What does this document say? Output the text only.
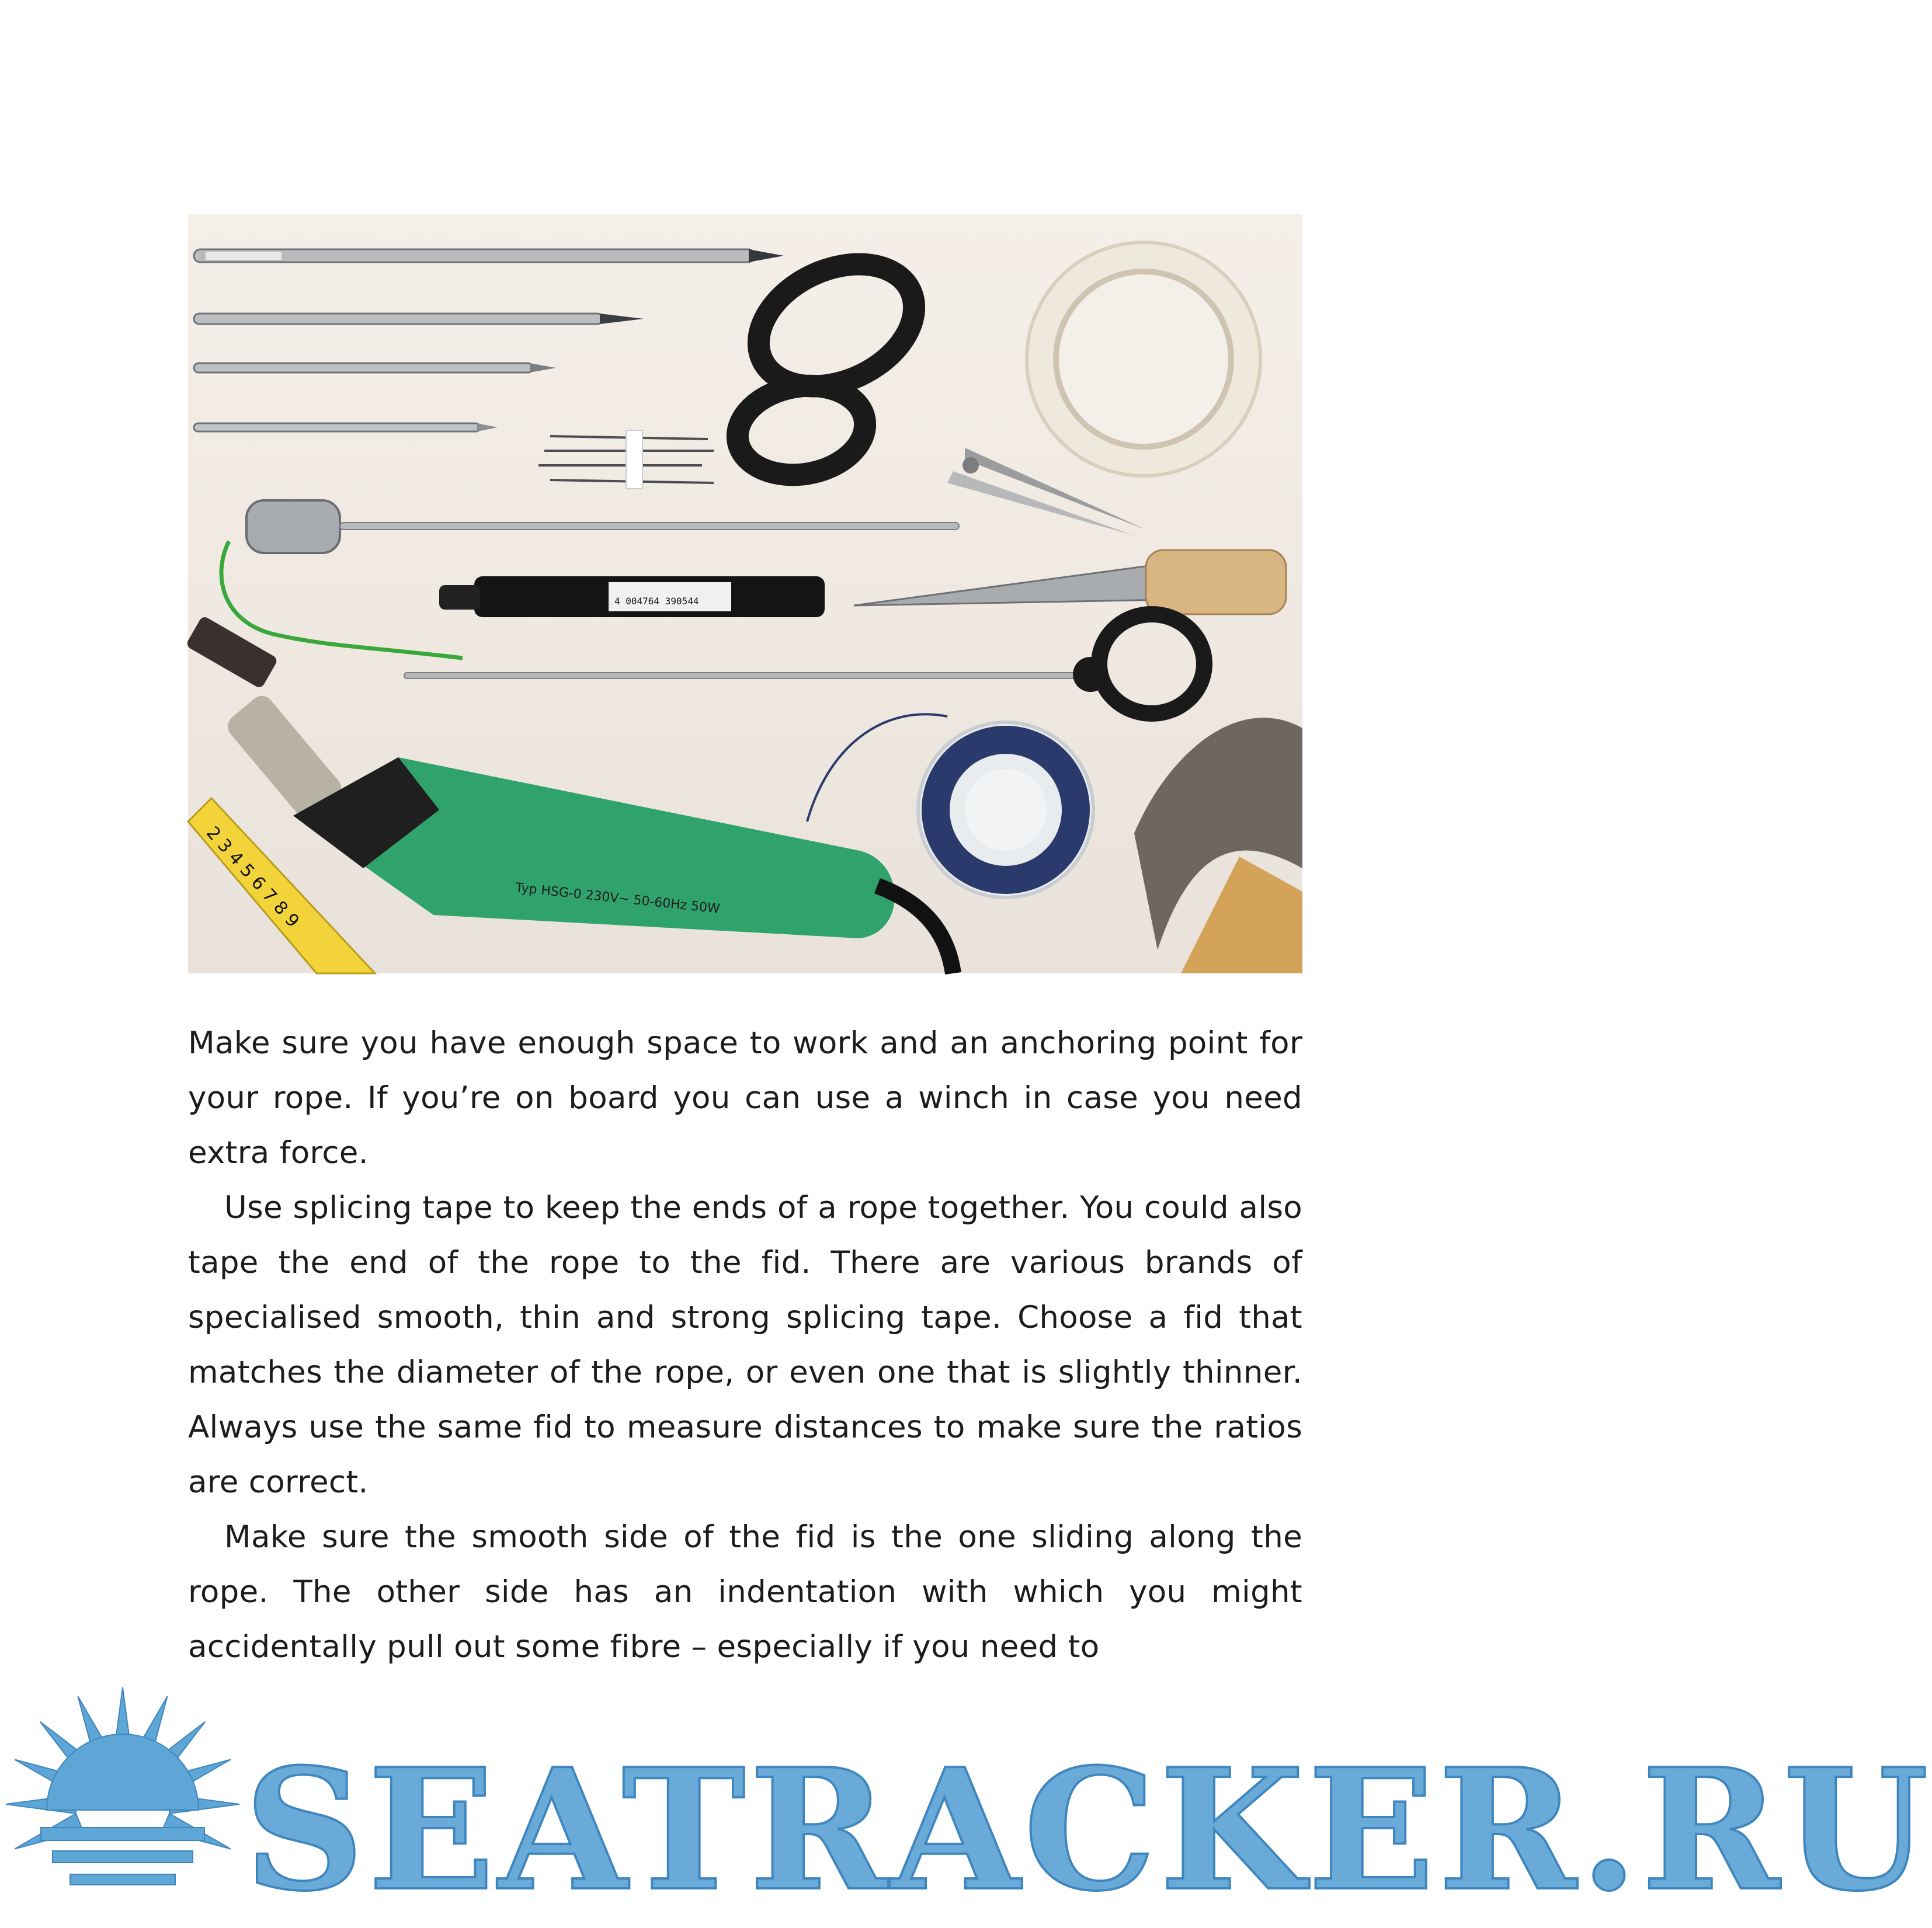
4 004764 390544
Typ HSG-0 230V~ 50-60Hz 50W
2 3 4 5 6 7 8 9

Make sure you have enough space to work and an anchoring point for your rope. If you’re on board you can use a winch in case you need extra force.

Use splicing tape to keep the ends of a rope together. You could also tape the end of the rope to the fid. There are various brands of specialised smooth, thin and strong splicing tape. Choose a fid that matches the diameter of the rope, or even one that is slightly thinner. Always use the same fid to measure distances to make sure the ratios are correct.

Make sure the smooth side of the fid is the one sliding along the rope. The other side has an indentation with which you might accidentally pull out some fibre – especially if you need to

SEATRACKER.RU
